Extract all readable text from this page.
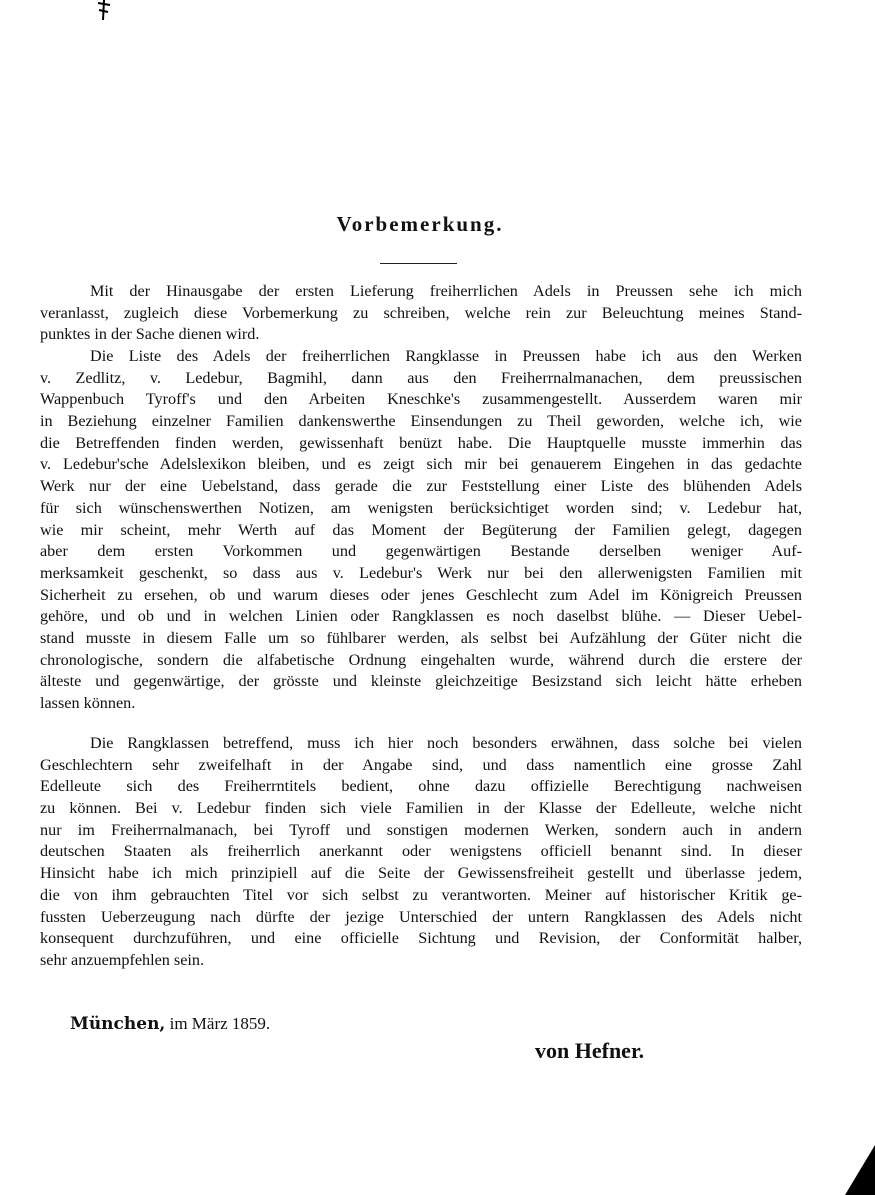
Vorbemerkung.
Mit der Hinausgabe der ersten Lieferung freiherrlichen Adels in Preussen sehe ich mich
veranlasst, zugleich diese Vorbemerkung zu schreiben, welche rein zur Beleuchtung meines Stand-
punktes in der Sache dienen wird.
Die Liste des Adels der freiherrlichen Rangklasse in Preussen habe ich aus den Werken
v. Zedlitz, v. Ledebur, Bagmihl, dann aus den Freiherrnalmanachen, dem preussischen
Wappenbuch Tyroff's und den Arbeiten Kneschke's zusammengestellt. Ausserdem waren mir
in Beziehung einzelner Familien dankenswerthe Einsendungen zu Theil geworden, welche ich, wie
die Betreffenden finden werden, gewissenhaft benüzt habe. Die Hauptquelle musste immerhin das
v. Ledebur'sche Adelslexikon bleiben, und es zeigt sich mir bei genauerem Eingehen in das gedachte
Werk nur der eine Uebelstand, dass gerade die zur Feststellung einer Liste des blühenden Adels
für sich wünschenswerthen Notizen, am wenigsten berücksichtiget worden sind; v. Ledebur hat,
wie mir scheint, mehr Werth auf das Moment der Begüterung der Familien gelegt, dagegen
aber dem ersten Vorkommen und gegenwärtigen Bestande derselben weniger Auf-
merksamkeit geschenkt, so dass aus v. Ledebur's Werk nur bei den allerwenigsten Familien mit
Sicherheit zu ersehen, ob und warum dieses oder jenes Geschlecht zum Adel im Königreich Preussen
gehöre, und ob und in welchen Linien oder Rangklassen es noch daselbst blühe. — Dieser Uebel-
stand musste in diesem Falle um so fühlbarer werden, als selbst bei Aufzählung der Güter nicht die
chronologische, sondern die alfabetische Ordnung eingehalten wurde, während durch die erstere der
älteste und gegenwärtige, der grösste und kleinste gleichzeitige Besizstand sich leicht hätte erheben
lassen können.
Die Rangklassen betreffend, muss ich hier noch besonders erwähnen, dass solche bei vielen
Geschlechtern sehr zweifelhaft in der Angabe sind, und dass namentlich eine grosse Zahl
Edelleute sich des Freiherrntitels bedient, ohne dazu offizielle Berechtigung nachweisen
zu können. Bei v. Ledebur finden sich viele Familien in der Klasse der Edelleute, welche nicht
nur im Freiherrnalmanach, bei Tyroff und sonstigen modernen Werken, sondern auch in andern
deutschen Staaten als freiherrlich anerkannt oder wenigstens officiell benannt sind. In dieser
Hinsicht habe ich mich prinzipiell auf die Seite der Gewissensfreiheit gestellt und überlasse jedem,
die von ihm gebrauchten Titel vor sich selbst zu verantworten. Meiner auf historischer Kritik ge-
fussten Ueberzeugung nach dürfte der jezige Unterschied der untern Rangklassen des Adels nicht
konsequent durchzuführen, und eine officielle Sichtung und Revision, der Conformität halber,
sehr anzuempfehlen sein.
München, im März 1859.
von Hefner.
